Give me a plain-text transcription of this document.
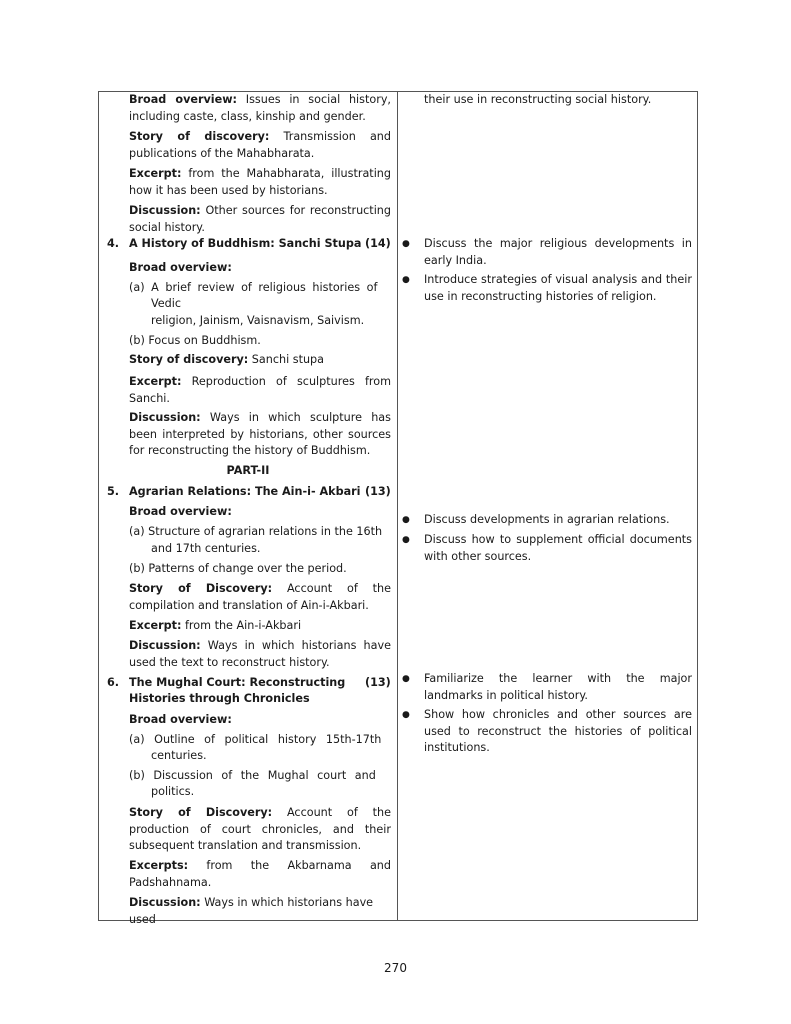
Broad overview: Issues in social history, including caste, class, kinship and gender.
Story of discovery: Transmission and publications of the Mahabharata.
Excerpt: from the Mahabharata, illustrating how it has been used by historians.
Discussion: Other sources for reconstructing social history.
4. A History of Buddhism: Sanchi Stupa (14)
Broad overview:
(a) A brief review of religious histories of
Vedic
religion, Jainism, Vaisnavism, Saivism.
(b) Focus on Buddhism.
Story of discovery: Sanchi stupa
Excerpt: Reproduction of sculptures from Sanchi.
Discussion: Ways in which sculpture has been interpreted by historians, other sources for reconstructing the history of Buddhism.
PART-II
5. Agrarian Relations: The Ain-i- Akbari (13)
Broad overview:
(a) Structure of agrarian relations in the 16th
and 17th centuries.
(b) Patterns of change over the period.
Story of Discovery: Account of the compilation and translation of Ain-i-Akbari.
Excerpt: from the Ain-i-Akbari
Discussion: Ways in which historians have used the text to reconstruct history.
6. The Mughal Court: Reconstructing
Histories through Chronicles
(13)
Broad overview:
(a) Outline of political history 15th-17th
centuries.
(b) Discussion of the Mughal court and
politics.
Story of Discovery: Account of the production of court chronicles, and their subsequent translation and transmission.
Excerpts: from the Akbarnama and Padshahnama.
Discussion: Ways in which historians have used
their use in reconstructing social history.
● Discuss the major religious developments in early India.
● Introduce strategies of visual analysis and their use in reconstructing histories of religion.
● Discuss developments in agrarian relations.
● Discuss how to supplement official documents with other sources.
● Familiarize the learner with the major landmarks in political history.
● Show how chronicles and other sources are used to reconstruct the histories of political institutions.
270
